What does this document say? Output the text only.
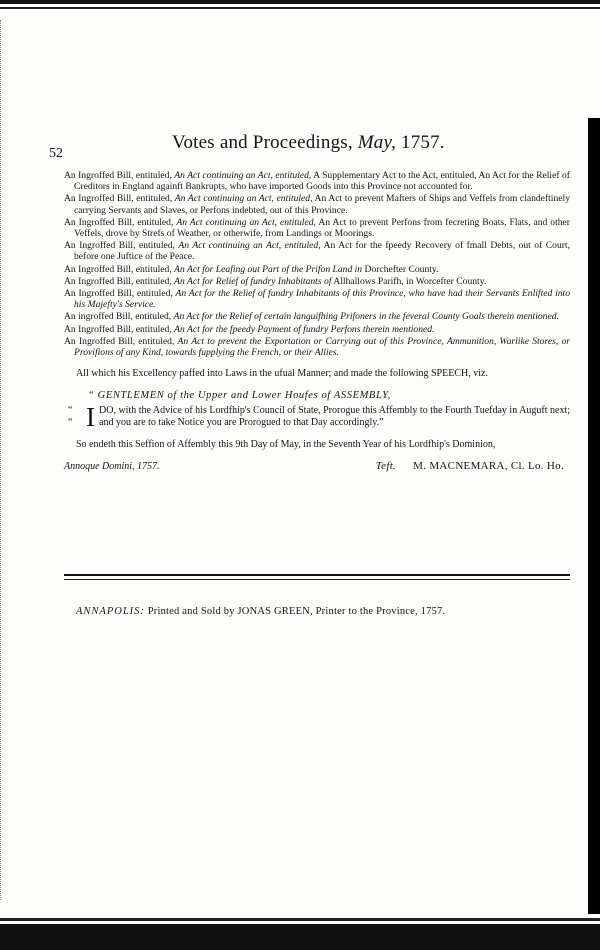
52
Votes and Proceedings, May, 1757.

An Ingroffed Bill, entituled, An Act continuing an Act, entituled, A Supplementary Act to the Act, entituled, An Act for the Relief of Creditors in England againft Bankrupts, who have imported Goods into this Province not accounted for.

An Ingroffed Bill, entituled, An Act continuing an Act, entituled, An Act to prevent Mafters of Ships and Veffels from clandeftinely carrying Servants and Slaves, or Perfons indebted, out of this Province.

An Ingroffed Bill, entituled, An Act continuing an Act, entituled, An Act to prevent Perfons from fecreting Boats, Flats, and other Veffels, drove by Strefs of Weather, or otherwife, from Landings or Moorings.

An Ingroffed Bill, entituled, An Act continuing an Act, entituled, An Act for the fpeedy Recovery of fmall Debts, out of Court, before one Juftice of the Peace.

An Ingroffed Bill, entituled, An Act for Leafing out Part of the Prifon Land in Dorchefter County.

An Ingroffed Bill, entituled, An Act for Relief of fundry Inhabitants of Allhallows Parifh, in Worcefter County.

An Ingroffed Bill, entituled, An Act for the Relief of fundry Inhabitants of this Province, who have had their Servants Enlifted into his Majefty's Service.

An ingroffed Bill, entituled, An Act for the Relief of certain languifhing Prifoners in the feveral County Goals therein mentioned.

An Ingroffed Bill, entituled, An Act for the fpeedy Payment of fundry Perfons therein mentioned.

An Ingroffed Bill, entituled, An Act to prevent the Exportation or Carrying out of this Province, Ammunition, Warlike Stores, or Provifions of any Kind, towards fupplying the French, or their Allies.

All which his Excellency paffed into Laws in the ufual Manner; and made the following SPEECH, viz.

“ GENTLEMEN of the Upper and Lower Houfes of ASSEMBLY,
“
“ I DO, with the Advice of his Lordfhip's Council of State, Prorogue this Affembly to the Fourth Tuefday in Auguft next; and you are to take Notice you are Prorogued to that Day accordingly.”

So endeth this Seffion of Affembly this 9th Day of May, in the Seventh Year of his Lordfhip's Dominion,

Annoque Domini, 1757.	Teft. M. MACNEMARA, Cl. Lo. Ho.
ANNAPOLIS: Printed and Sold by JONAS GREEN, Printer to the Province, 1757.
